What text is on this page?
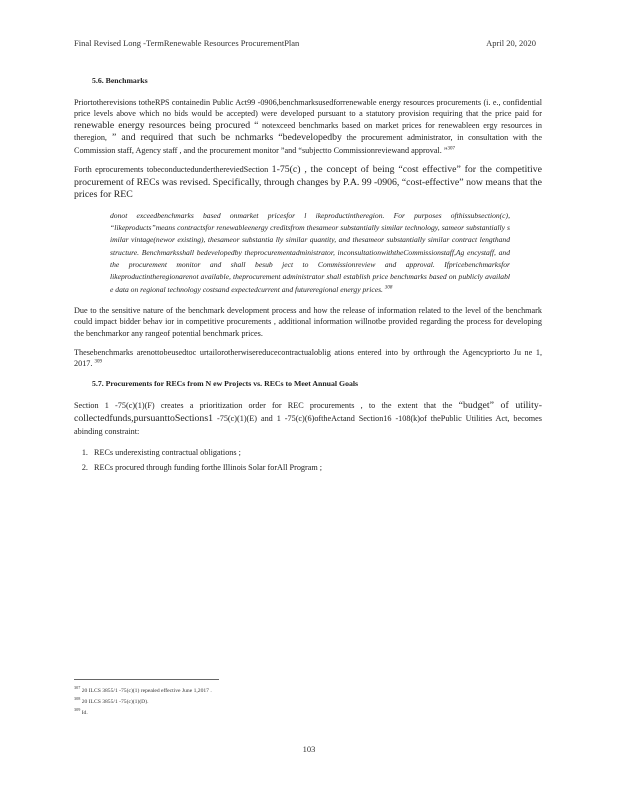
Final Revised Long -TermRenewable Resources ProcurementPlan	April 20, 2020
5.6. Benchmarks

Priortotherevisions totheRPS containedin Public Act99 -0906,benchmarksusedforrenewable energy resources procurements (i. e., confidential price levels above which no bids would be accepted) were developed pursuant to a statutory provision requiring that the price paid for renewable energy resources being procured “ notexceed benchmarks based on market prices for renewableen ergy resources in theregion, ” and required that such be nchmarks “bedevelopedby the procurement administrator, in consultation with the Commission staff, Agency staff , and the procurement monitor ”and “subjectto Commissionreviewand approval. ”$^{307}$

Forth eprocurements tobeconductedunderthereviedSection 1-75(c) , the concept of being “cost effective” for the competitive procurement of RECs was revised. Specifically, through changes by P.A. 99 -0906, “cost-effective” now means that the prices for REC

donot exceedbenchmarks based onmarket pricesfor l ikeproductintheregion. For purposes ofthissubsection(c), “likeproducts”means contractsfor renewableenergy creditsfrom thesameor substantially similar technology, sameor substantially s imilar vintage(newor existing), thesameor substantia lly similar quantity, and thesameor substantially similar contract lengthand structure. Benchmarksshall bedevelopedby theprocurementadministrator, inconsultationwiththeCommissionstaff,Ag encystaff, and the procurement monitor and shall besub ject to Commissionreview and approval. Ifpricebenchmarksfor likeproductintheregionarenot available, theprocurement administrator shall establish price benchmarks based on publicly availabl e data on regional technology costsand expectedcurrent and futureregional energy prices. $^{308}$

Due to the sensitive nature of the benchmark development process and how the release of information related to the level of the benchmark could impact bidder behav ior in competitive procurements , additional information willnotbe provided regarding the process for developing the benchmarkor any rangeof potential benchmark prices.

Thesebenchmarks arenottobeusedtoc urtailorotherwisereducecontractualoblig ations entered into by orthrough the Agencypriorto Ju ne 1, 2017. $^{309}$

5.7. Procurements for RECs from N ew Projects vs. RECs to Meet Annual Goals

Section 1 -75(c)(1)(F) creates a prioritization order for REC procurements , to the extent that the “budget” of utility-collectedfunds,pursuanttoSections1 -75(c)(1)(E) and 1 -75(c)(6)oftheActand Section16 -108(k)of thePublic Utilities Act, becomes abinding constraint:

1. RECs underexisting contractual obligations ;
2. RECs procured through funding forthe Illinois Solar forAll Program ;
$^{307}$ 20 ILCS 3855/1 -75(c)(1) repealed effective June 1,2017 .
$^{308}$ 20 ILCS 3855/1 -75(c)(1)(D).
$^{309}$ Id.
103
